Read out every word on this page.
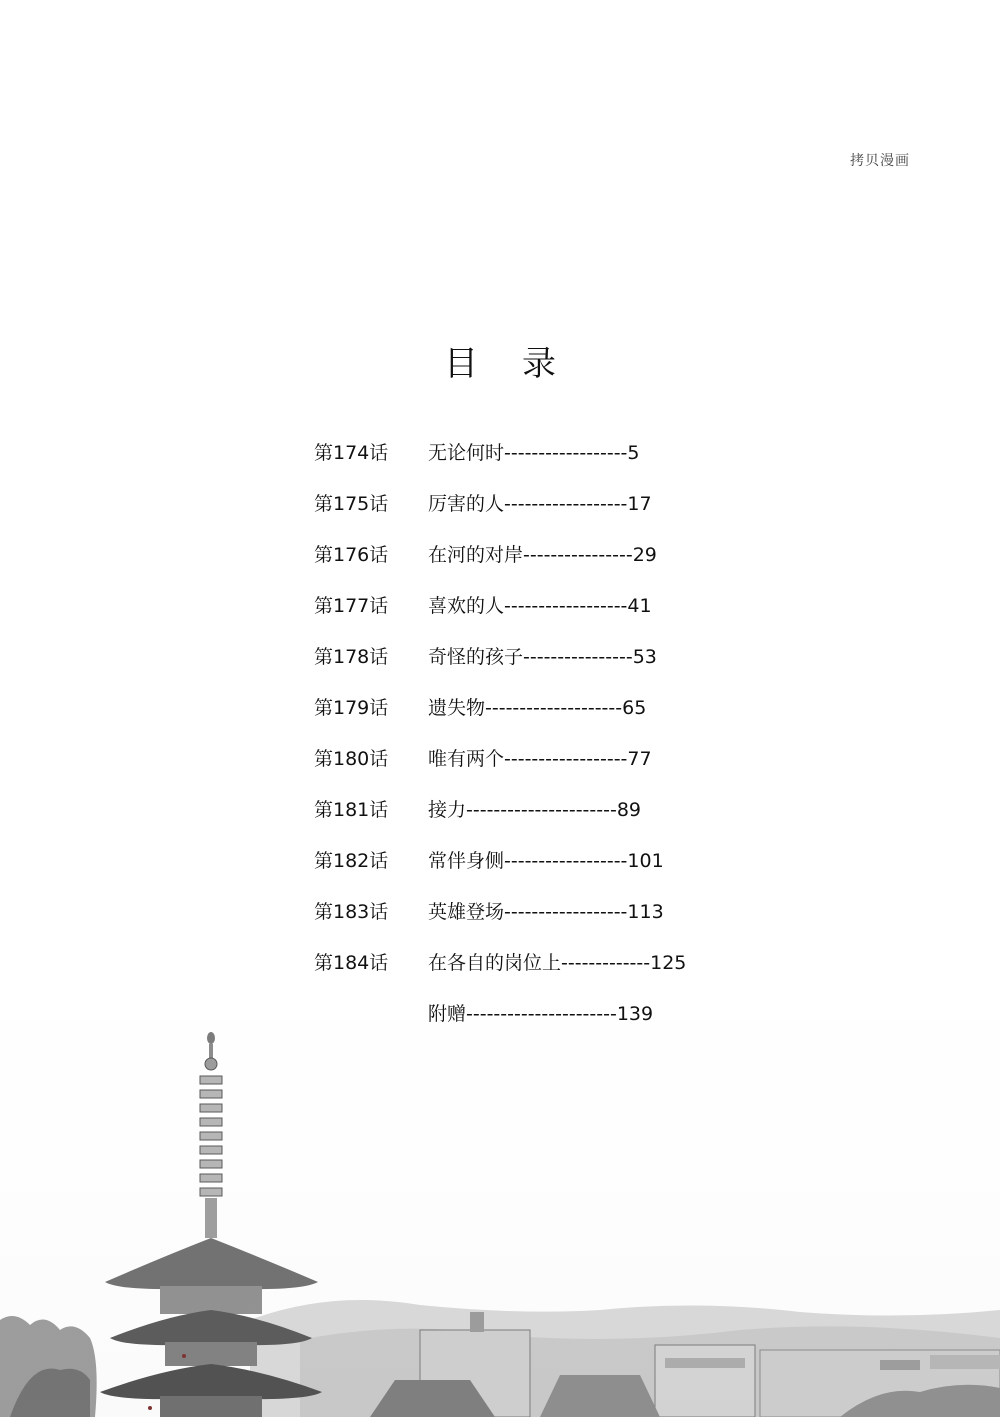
拷贝漫画
目录
第174话 无论何时------------------5
第175话 厉害的人------------------17
第176话 在河的对岸----------------29
第177话 喜欢的人------------------41
第178话 奇怪的孩子----------------53
第179话 遗失物--------------------65
第180话 唯有两个------------------77
第181话 接力----------------------89
第182话 常伴身侧------------------101
第183话 英雄登场------------------113
第184话 在各自的岗位上-------------125
附赠----------------------139
